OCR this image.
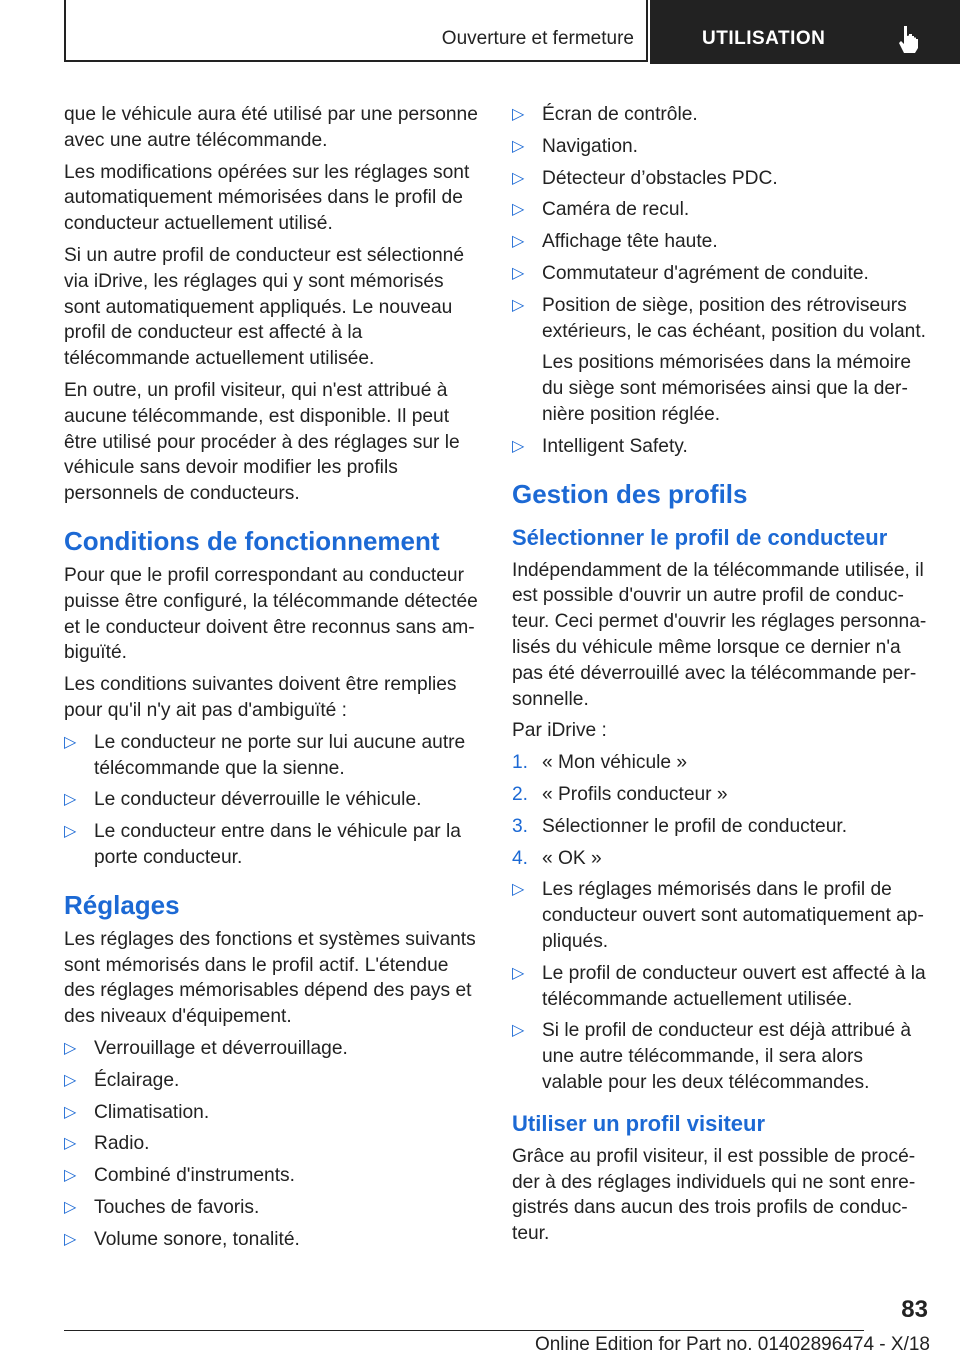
Ouverture et fermeture	UTILISATION

que le véhicule aura été utilisé par une personne avec une autre télécommande.

Les modifications opérées sur les réglages sont automatiquement mémorisées dans le profil de conducteur actuellement utilisé.

Si un autre profil de conducteur est sélectionné via iDrive, les réglages qui y sont mémorisés sont automatiquement appliqués. Le nouveau profil de conducteur est affecté à la télécommande actuellement utilisée.

En outre, un profil visiteur, qui n'est attribué à aucune télécommande, est disponible. Il peut être utilisé pour procéder à des réglages sur le véhicule sans devoir modifier les profils personnels de conducteurs.

Conditions de fonctionnement

Pour que le profil correspondant au conducteur puisse être configuré, la télécommande détectée et le conducteur doivent être reconnus sans ambiguïté.

Les conditions suivantes doivent être remplies pour qu'il n'y ait pas d'ambiguïté :

▷ Le conducteur ne porte sur lui aucune autre télécommande que la sienne.
▷ Le conducteur déverrouille le véhicule.
▷ Le conducteur entre dans le véhicule par la porte conducteur.
Réglages

Les réglages des fonctions et systèmes suivants sont mémorisés dans le profil actif. L'étendue des réglages mémorisables dépend des pays et des niveaux d'équipement.

▷ Verrouillage et déverrouillage.
▷ Éclairage.
▷ Climatisation.
▷ Radio.
▷ Combiné d'instruments.
▷ Touches de favoris.
▷ Volume sonore, tonalité.
▷ Écran de contrôle.
▷ Navigation.
▷ Détecteur d’obstacles PDC.
▷ Caméra de recul.
▷ Affichage tête haute.
▷ Commutateur d'agrément de conduite.
▷ Position de siège, position des rétroviseurs extérieurs, le cas échéant, position du volant.
Les positions mémorisées dans la mémoire du siège sont mémorisées ainsi que la dernière position réglée.
▷ Intelligent Safety.
Gestion des profils
Sélectionner le profil de conducteur

Indépendamment de la télécommande utilisée, il est possible d'ouvrir un autre profil de conducteur. Ceci permet d'ouvrir les réglages personnalisés du véhicule même lorsque ce dernier n'a pas été déverrouillé avec la télécommande personnelle.

Par iDrive :

1. « Mon véhicule »
2. « Profils conducteur »
3. Sélectionner le profil de conducteur.
4. « OK »
▷ Les réglages mémorisés dans le profil de conducteur ouvert sont automatiquement appliqués.
▷ Le profil de conducteur ouvert est affecté à la télécommande actuellement utilisée.
▷ Si le profil de conducteur est déjà attribué à une autre télécommande, il sera alors valable pour les deux télécommandes.
Utiliser un profil visiteur

Grâce au profil visiteur, il est possible de procéder à des réglages individuels qui ne sont enregistrés dans aucun des trois profils de conducteur.

83
Online Edition for Part no. 01402896474 - X/18
